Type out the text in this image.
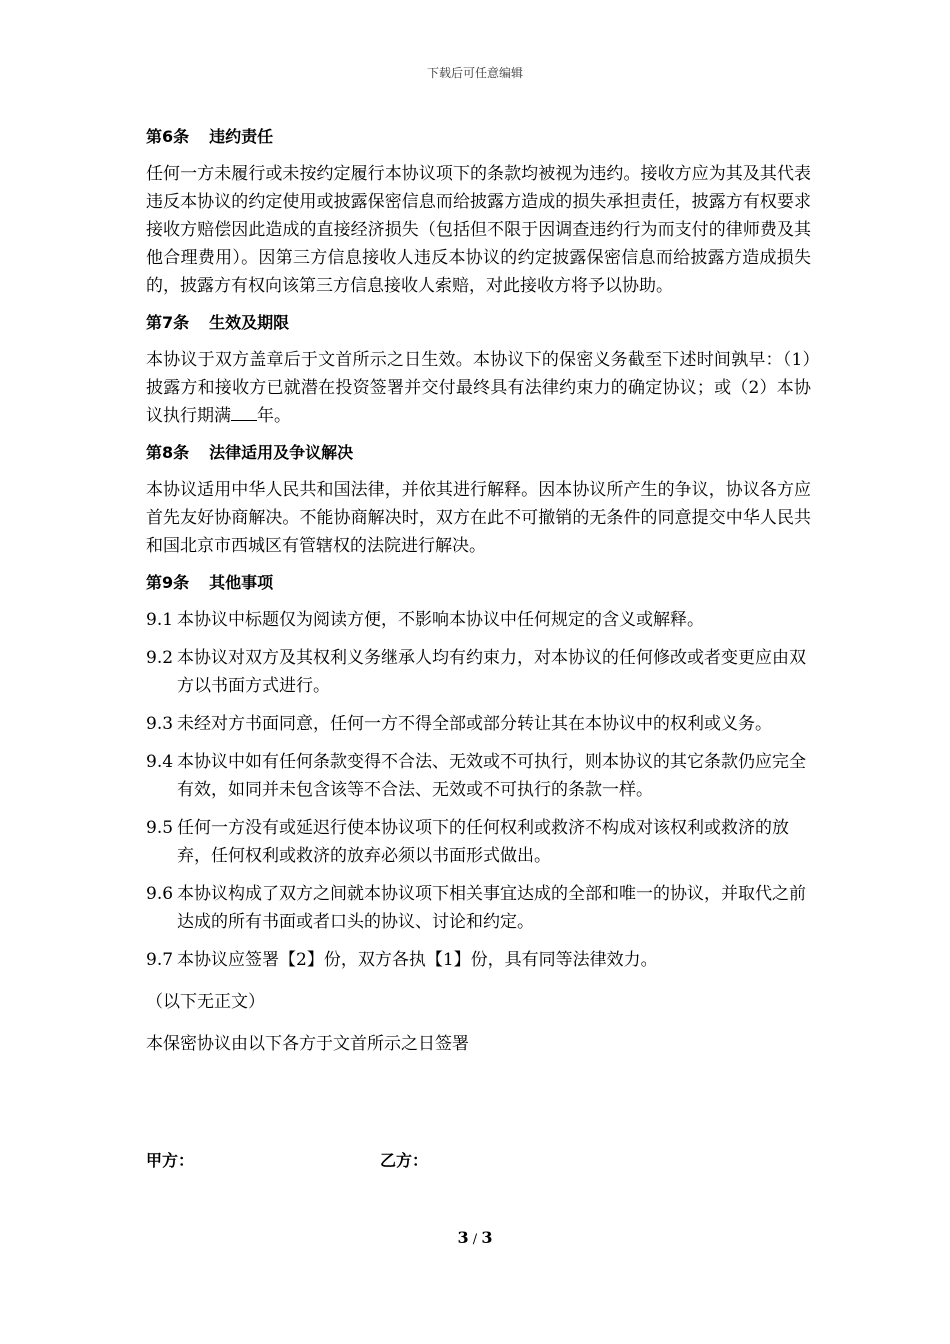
下载后可任意编辑
第6条 违约责任

任何一方未履行或未按约定履行本协议项下的条款均被视为违约。接收方应为其及其代表违反本协议的约定使用或披露保密信息而给披露方造成的损失承担责任，披露方有权要求接收方赔偿因此造成的直接经济损失（包括但不限于因调查违约行为而支付的律师费及其他合理费用）。因第三方信息接收人违反本协议的约定披露保密信息而给披露方造成损失的，披露方有权向该第三方信息接收人索赔，对此接收方将予以协助。

第7条 生效及期限

本协议于双方盖章后于文首所示之日生效。本协议下的保密义务截至下述时间孰早：（1）披露方和接收方已就潜在投资签署并交付最终具有法律约束力的确定协议；或（2）本协议执行期满 年。

第8条 法律适用及争议解决

本协议适用中华人民共和国法律，并依其进行解释。因本协议所产生的争议，协议各方应首先友好协商解决。不能协商解决时，双方在此不可撤销的无条件的同意提交中华人民共和国北京市西城区有管辖权的法院进行解决。

第9条 其他事项
9.1 本协议中标题仅为阅读方便，不影响本协议中任何规定的含义或解释。
9.2 本协议对双方及其权利义务继承人均有约束力，对本协议的任何修改或者变更应由双方以书面方式进行。
9.3 未经对方书面同意，任何一方不得全部或部分转让其在本协议中的权利或义务。
9.4 本协议中如有任何条款变得不合法、无效或不可执行，则本协议的其它条款仍应完全有效，如同并未包含该等不合法、无效或不可执行的条款一样。
9.5 任何一方没有或延迟行使本协议项下的任何权利或救济不构成对该权利或救济的放弃，任何权利或救济的放弃必须以书面形式做出。
9.6 本协议构成了双方之间就本协议项下相关事宜达成的全部和唯一的协议，并取代之前达成的所有书面或者口头的协议、讨论和约定。
9.7 本协议应签署【2】份，双方各执【1】份，具有同等法律效力。

（以下无正文）

本保密协议由以下各方于文首所示之日签署

甲方：	乙方：
3 / 3
